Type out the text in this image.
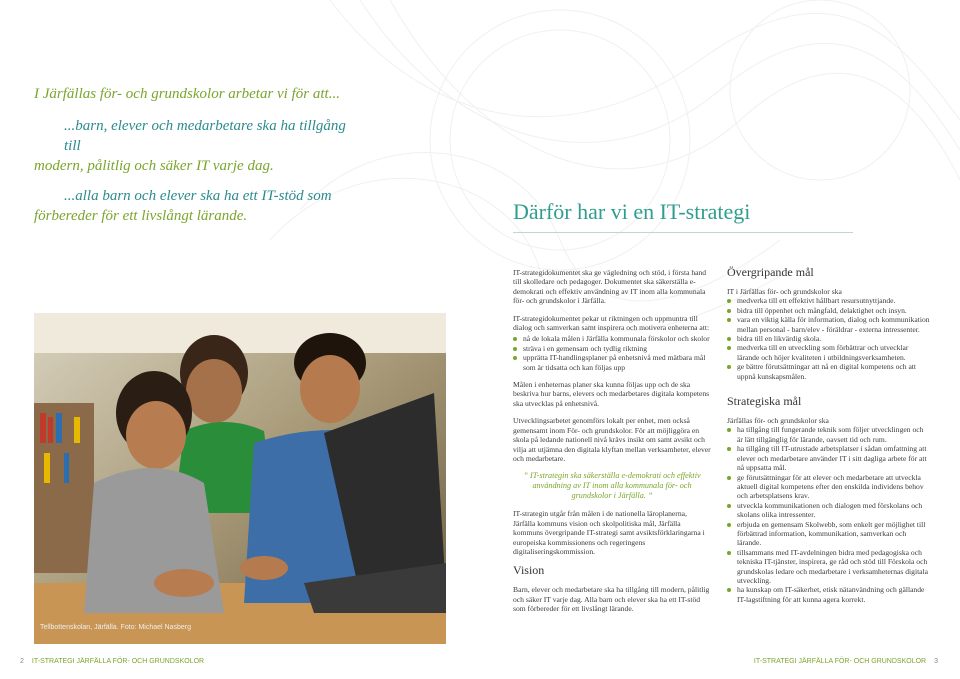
I Järfällas för- och grundskolor arbetar vi för att...

...barn, elever och medarbetare ska ha tillgång till

modern, pålitlig och säker IT varje dag.

...alla barn och elever ska ha ett IT-stöd som

förbereder för ett livslångt lärande.	Därför har vi en IT-strategi
Tellbottenskolan, Järfälla. Foto: Michael Nasberg

IT-strategidokumentet ska ge vägledning och stöd, i första hand till skolledare och pedagoger. Dokumentet ska säkerställa e-demokrati och effektiv användning av IT inom alla kommunala för- och grundskolor i Järfälla.

IT-strategidokumentet pekar ut riktningen och uppmuntra till dialog och samverkan samt inspirera och motivera enheterna att:

nå de lokala målen i Järfälla kommunala förskolor och skolor
sträva i en gemensam och tydlig riktning
upprätta IT-handlingsplaner på enhetsnivå med mätbara mål som är tidsatta och kan följas upp

Målen i enheternas planer ska kunna följas upp och de ska beskriva hur barns, elevers och medarbetares digitala kompetens ska utvecklas på enhetsnivå.

Utvecklingsarbetet genomförs lokalt per enhet, men också gemensamt inom För- och grundskolor. För att möjliggöra en skola på ledande nationell nivå krävs insikt om samt avsikt och vilja att utjämna den digitala klyftan mellan verksamheter, elever och medarbetare.

” IT-strategin ska säkerställa e-demokrati och effektiv användning av IT inom alla kommunala för- och grundskolor i Järfälla. ”

IT-strategin utgår från målen i de nationella läroplanerna, Järfälla kommuns vision och skolpolitiska mål, Järfälla kommuns övergripande IT-strategi samt avsiktsförklaringarna i europeiska kommissionens och regeringens digitaliseringskommission.

Vision

Barn, elever och medarbetare ska ha tillgång till modern, pålitlig och säker IT varje dag. Alla barn och elever ska ha ett IT-stöd som förbereder för ett livslångt lärande.

Övergripande mål

IT i Järfällas för- och grundskolor ska

medverka till ett effektivt hållbart resursutnyttjande.
bidra till öppenhet och mångfald, delaktighet och insyn.
vara en viktig källa för information, dialog och kommunikation mellan personal - barn/elev - föräldrar - externa intressenter.
bidra till en likvärdig skola.
medverka till en utveckling som förbättrar och utvecklar lärande och höjer kvaliteten i utbildningsverksamheten.
ge bättre förutsättningar att nå en digital kompetens och att uppnå kunskapsmålen.

Strategiska mål

Järfällas för- och grundskolor ska

ha tillgång till fungerande teknik som följer utvecklingen och är lätt tillgänglig för lärande, oavsett tid och rum.
ha tillgång till IT-utrustade arbetsplatser i sådan omfattning att elever och medarbetare använder IT i sitt dagliga arbete för att nå uppsatta mål.
ge förutsättningar för att elever och medarbetare att utveckla aktuell digital kompetens efter den enskilda individens behov och arbetsplatsens krav.
utveckla kommunikationen och dialogen med förskolans och skolans olika intressenter.
erbjuda en gemensam Skolwebb, som enkelt ger möjlighet till förbättrad information, kommunikation, samverkan och lärande.
tillsammans med IT-avdelningen bidra med pedagogiska och tekniska IT-tjänster, inspirera, ge råd och stöd till Förskola och grundskolas ledare och medarbetare i verksamheternas digitala utveckling.
ha kunskap om IT-säkerhet, etisk nätanvändning och gällande IT-lagstiftning för att kunna agera korrekt.
2 IT-STRATEGI JÄRFÄLLA FÖR- OCH GRUNDSKOLOR	IT-STRATEGI JÄRFÄLLA FÖR- OCH GRUNDSKOLOR 3
